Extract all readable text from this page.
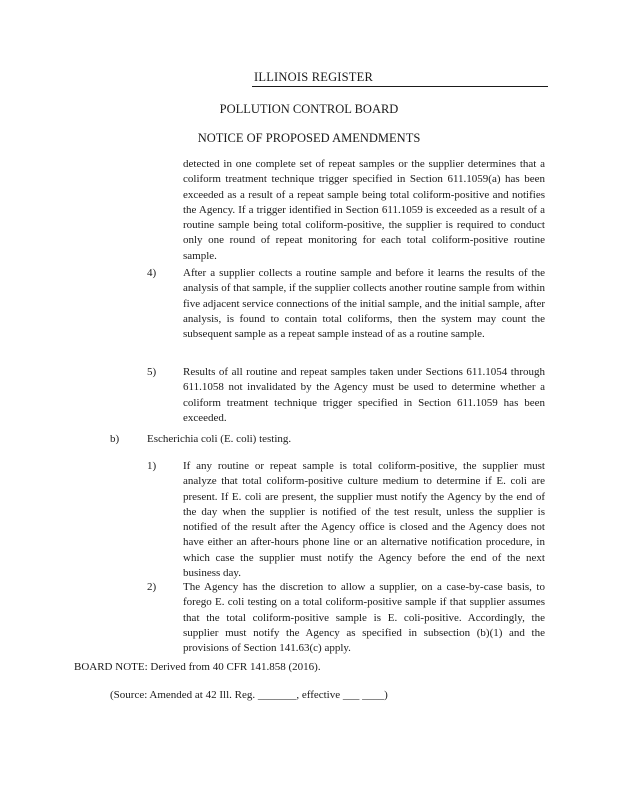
ILLINOIS REGISTER
POLLUTION CONTROL BOARD
NOTICE OF PROPOSED AMENDMENTS
detected in one complete set of repeat samples or the supplier determines that a coliform treatment technique trigger specified in Section 611.1059(a) has been exceeded as a result of a repeat sample being total coliform-positive and notifies the Agency. If a trigger identified in Section 611.1059 is exceeded as a result of a routine sample being total coliform-positive, the supplier is required to conduct only one round of repeat monitoring for each total coliform-positive routine sample.
4) After a supplier collects a routine sample and before it learns the results of the analysis of that sample, if the supplier collects another routine sample from within five adjacent service connections of the initial sample, and the initial sample, after analysis, is found to contain total coliforms, then the system may count the subsequent sample as a repeat sample instead of as a routine sample.
5) Results of all routine and repeat samples taken under Sections 611.1054 through 611.1058 not invalidated by the Agency must be used to determine whether a coliform treatment technique trigger specified in Section 611.1059 has been exceeded.
b)	Escherichia coli (E. coli) testing.
1) If any routine or repeat sample is total coliform-positive, the supplier must analyze that total coliform-positive culture medium to determine if E. coli are present. If E. coli are present, the supplier must notify the Agency by the end of the day when the supplier is notified of the test result, unless the supplier is notified of the result after the Agency office is closed and the Agency does not have either an after-hours phone line or an alternative notification procedure, in which case the supplier must notify the Agency before the end of the next business day.
2) The Agency has the discretion to allow a supplier, on a case-by-case basis, to forego E. coli testing on a total coliform-positive sample if that supplier assumes that the total coliform-positive sample is E. coli-positive. Accordingly, the supplier must notify the Agency as specified in subsection (b)(1) and the provisions of Section 141.63(c) apply.
BOARD NOTE: Derived from 40 CFR 141.858 (2016).
(Source: Amended at 42 Ill. Reg. _______, effective ___ ____)
